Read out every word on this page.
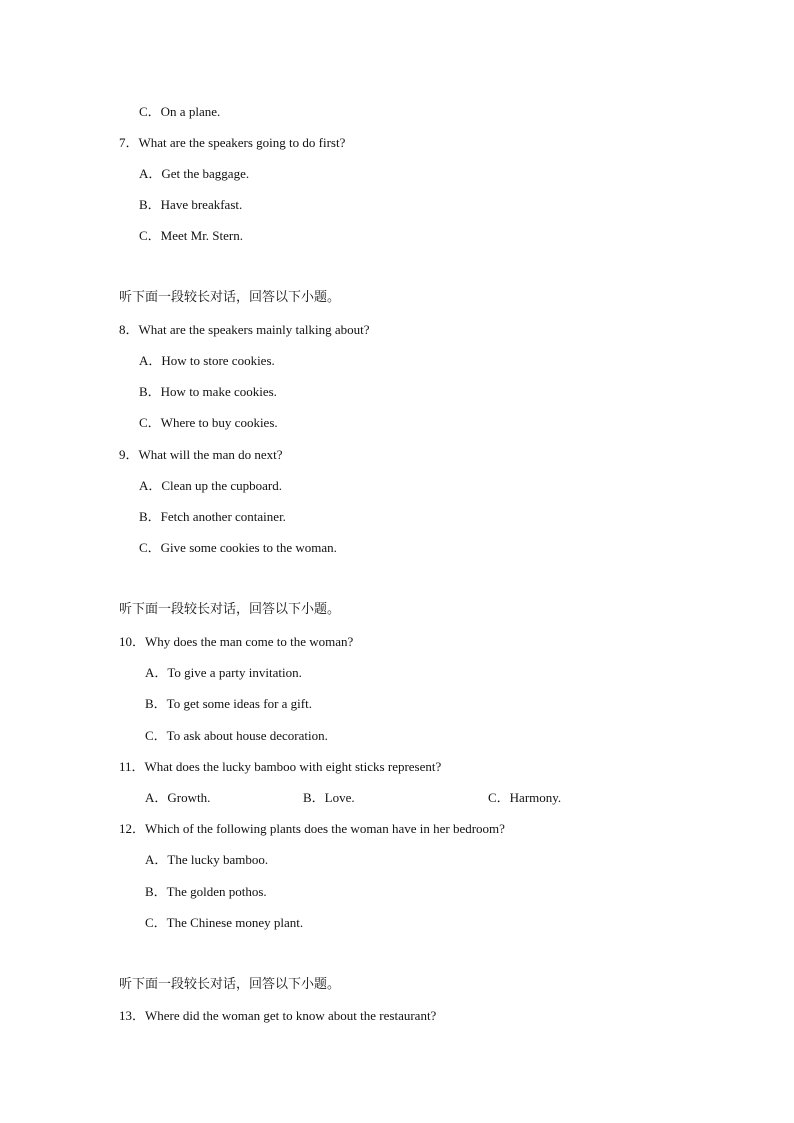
C．On a plane.
7．What are the speakers going to do first?
A．Get the baggage.
B．Have breakfast.
C．Meet Mr. Stern.
听下面一段较长对话，回答以下小题。
8．What are the speakers mainly talking about?
A．How to store cookies.
B．How to make cookies.
C．Where to buy cookies.
9．What will the man do next?
A．Clean up the cupboard.
B．Fetch another container.
C．Give some cookies to the woman.
听下面一段较长对话，回答以下小题。
10．Why does the man come to the woman?
A．To give a party invitation.
B．To get some ideas for a gift.
C．To ask about house decoration.
11．What does the lucky bamboo with eight sticks represent?
A．Growth.	B．Love.	C．Harmony.
12．Which of the following plants does the woman have in her bedroom?
A．The lucky bamboo.
B．The golden pothos.
C．The Chinese money plant.
听下面一段较长对话，回答以下小题。
13．Where did the woman get to know about the restaurant?
